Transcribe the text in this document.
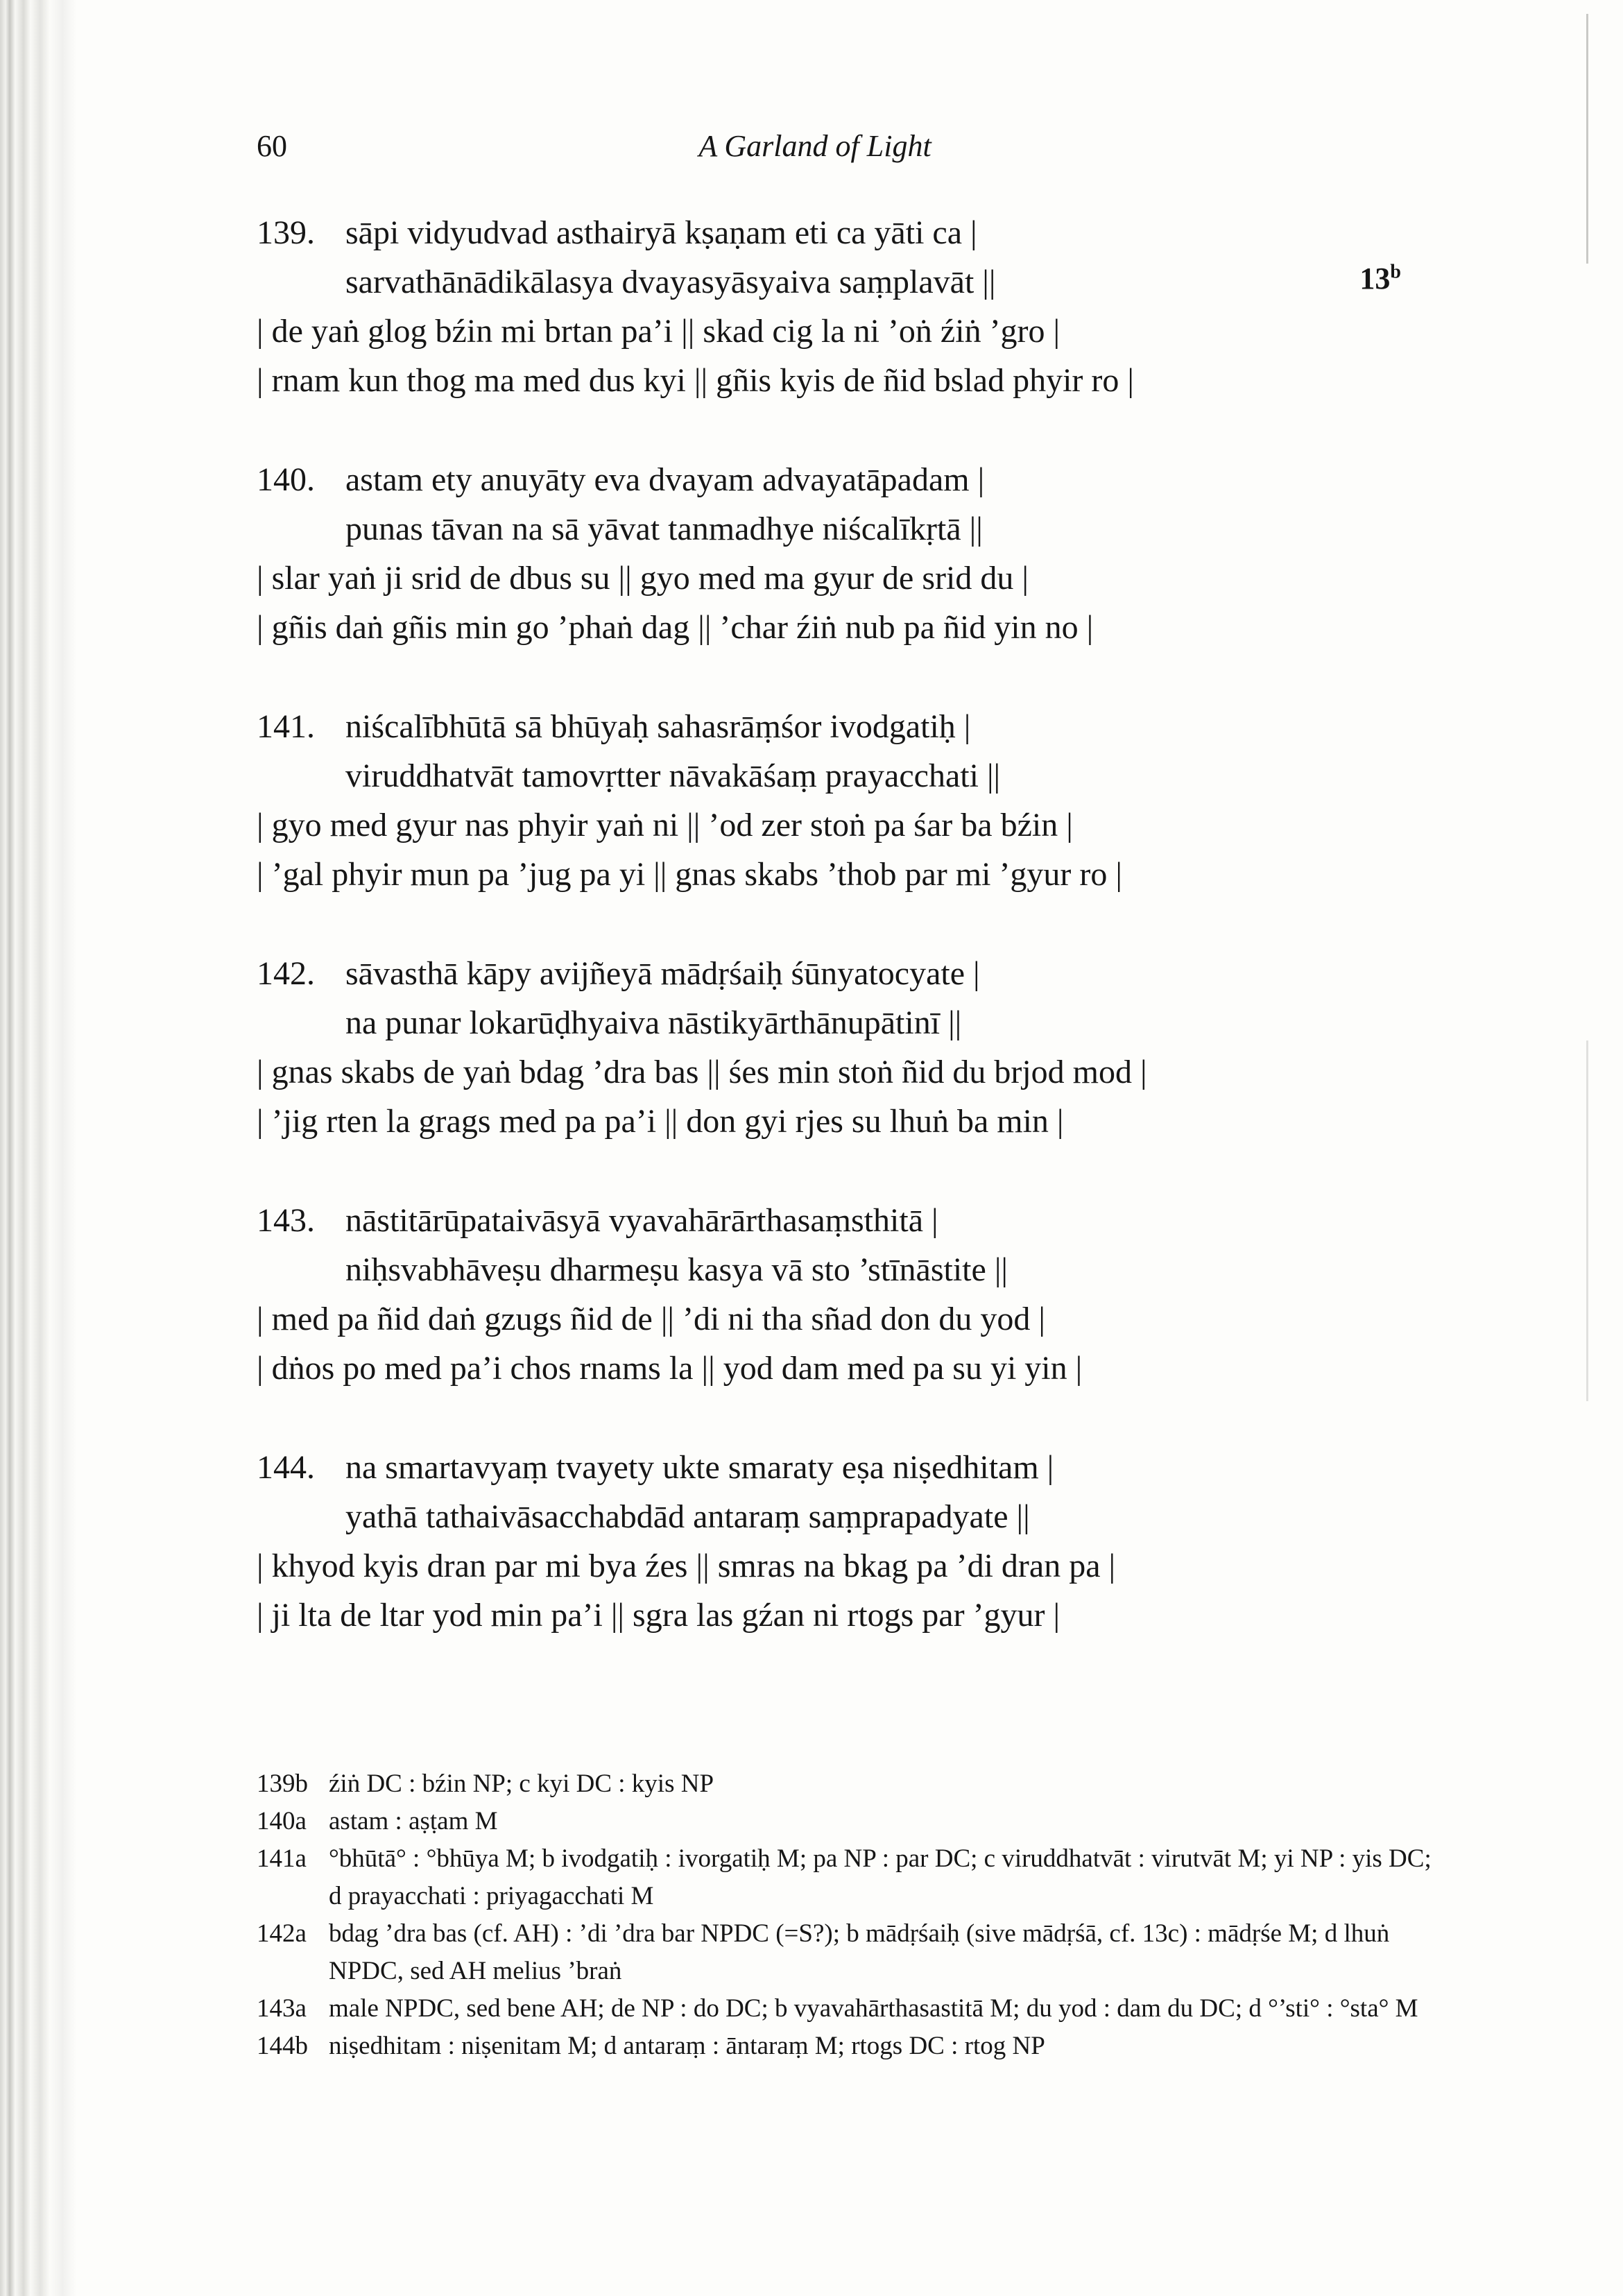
60	A Garland of Light
139. sāpi vidyudvad asthairyā kṣaṇam eti ca yāti ca |
sarvathānādikālasya dvayasyāsyaiva saṃplavāt ||
| de yaṅ glog bźin mi brtan pa’i || skad cig la ni ’oṅ źiṅ ’gro |
| rnam kun thog ma med dus kyi || gñis kyis de ñid bslad phyir ro |
13$^b$
140. astam ety anuyāty eva dvayam advayatāpadam |
punas tāvan na sā yāvat tanmadhye niścalīkṛtā ||
| slar yaṅ ji srid de dbus su || gyo med ma gyur de srid du |
| gñis daṅ gñis min go ’phaṅ dag || ’char źiṅ nub pa ñid yin no |
141. niścalībhūtā sā bhūyaḥ sahasrāṃśor ivodgatiḥ |
viruddhatvāt tamovṛtter nāvakāśaṃ prayacchati ||
| gyo med gyur nas phyir yaṅ ni || ’od zer stoṅ pa śar ba bźin |
| ’gal phyir mun pa ’jug pa yi || gnas skabs ’thob par mi ’gyur ro |
142. sāvasthā kāpy avijñeyā mādṛśaiḥ śūnyatocyate |
na punar lokarūḍhyaiva nāstikyārthānupātinī ||
| gnas skabs de yaṅ bdag ’dra bas || śes min stoṅ ñid du brjod mod |
| ’jig rten la grags med pa pa’i || don gyi rjes su lhuṅ ba min |
143. nāstitārūpataivāsyā vyavahārārthasaṃsthitā |
niḥsvabhāveṣu dharmeṣu kasya vā sto ’stīnāstite ||
| med pa ñid daṅ gzugs ñid de || ’di ni tha sñad don du yod |
| dṅos po med pa’i chos rnams la || yod dam med pa su yi yin |
144. na smartavyaṃ tvayety ukte smaraty eṣa niṣedhitam |
yathā tathaivāsacchabdād antaraṃ saṃprapadyate ||
| khyod kyis dran par mi bya źes || smras na bkag pa ’di dran pa |
| ji lta de ltar yod min pa’i || sgra las gźan ni rtogs par ’gyur |
139b źiṅ DC : bźin NP; c kyi DC : kyis NP
140a astam : aṣṭam M
141a °bhūtā° : °bhūya M; b ivodgatiḥ : ivorgatiḥ M; pa NP : par DC; c viruddhatvāt : virutvāt M; yi NP : yis DC; d prayacchati : priyagacchati M
142a bdag ’dra bas (cf. AH) : ’di ’dra bar NPDC (=S?); b mādṛśaiḥ (sive mādṛśā, cf. 13c) : mādṛśe M; d lhuṅ NPDC, sed AH melius ’braṅ
143a male NPDC, sed bene AH; de NP : do DC; b vyavahārthasastitā M; du yod : dam du DC; d °’sti° : °sta° M
144b niṣedhitam : niṣenitam M; d antaraṃ : āntaraṃ M; rtogs DC : rtog NP
